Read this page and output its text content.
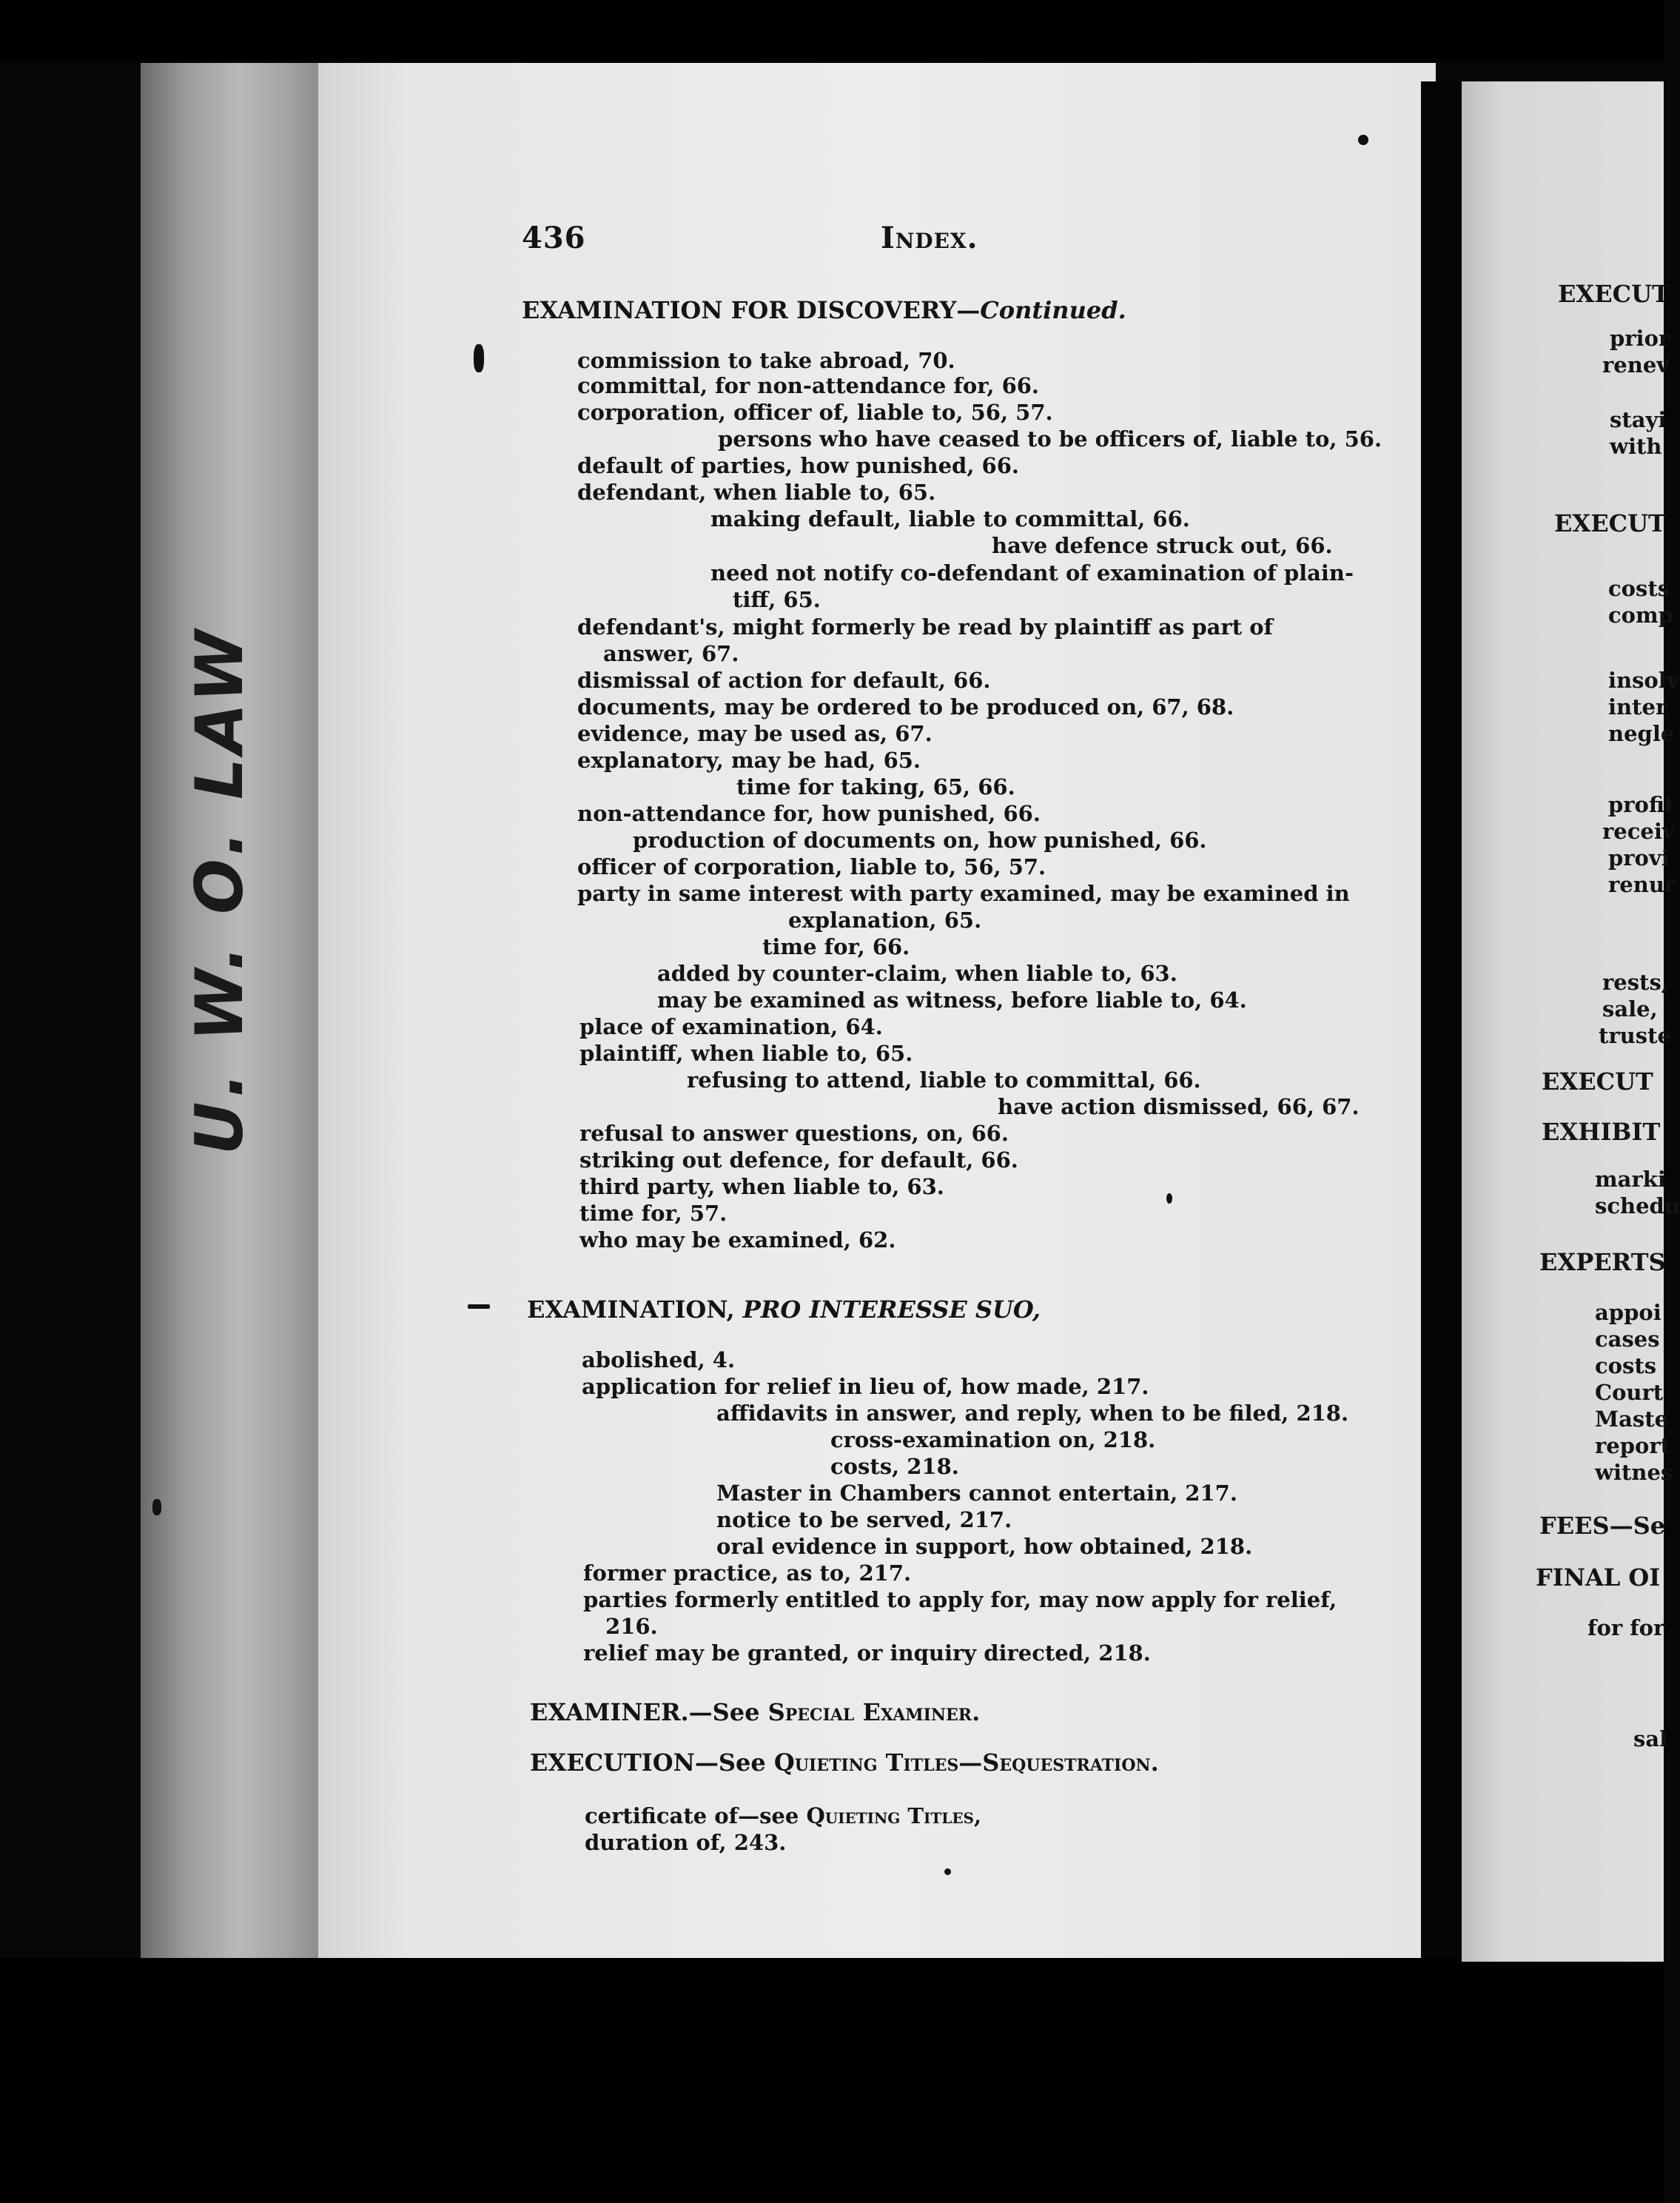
U. W. O. LAW
436	Index.
EXAMINATION FOR DISCOVERY—Continued.
commission to take abroad, 70.
committal, for non-attendance for, 66.
corporation, officer of, liable to, 56, 57.
persons who have ceased to be officers of, liable to, 56.
default of parties, how punished, 66.
defendant, when liable to, 65.
making default, liable to committal, 66.
have defence struck out, 66.
need not notify co-defendant of examination of plain-
tiff, 65.
defendant's, might formerly be read by plaintiff as part of
answer, 67.
dismissal of action for default, 66.
documents, may be ordered to be produced on, 67, 68.
evidence, may be used as, 67.
explanatory, may be had, 65.
time for taking, 65, 66.
non-attendance for, how punished, 66.
production of documents on, how punished, 66.
officer of corporation, liable to, 56, 57.
party in same interest with party examined, may be examined in
explanation, 65.
time for, 66.
added by counter-claim, when liable to, 63.
may be examined as witness, before liable to, 64.
place of examination, 64.
plaintiff, when liable to, 65.
refusing to attend, liable to committal, 66.
have action dismissed, 66, 67.
refusal to answer questions, on, 66.
striking out defence, for default, 66.
third party, when liable to, 63.
time for, 57.
who may be examined, 62.
EXAMINATION, PRO INTERESSE SUO,
abolished, 4.
application for relief in lieu of, how made, 217.
affidavits in answer, and reply, when to be filed, 218.
cross-examination on, 218.
costs, 218.
Master in Chambers cannot entertain, 217.
notice to be served, 217.
oral evidence in support, how obtained, 218.
former practice, as to, 217.
parties formerly entitled to apply for, may now apply for relief,
216.
relief may be granted, or inquiry directed, 218.
EXAMINER.—See Special Examiner.
EXECUTION—See Quieting Titles—Sequestration.
certificate of—see Quieting Titles,
duration of, 243.
EXECUT
prior
renev
stayi
with
EXECUT
costs
comp
insolv
inter
negle
profit
receiv
provi
renur
rests,
sale,
truste
EXECUT
EXHIBIT
marki
schedu
EXPERTS
appoi
cases
costs
Court
Maste
report
witnes
FEES—Se
FINAL OI
for for
sal
